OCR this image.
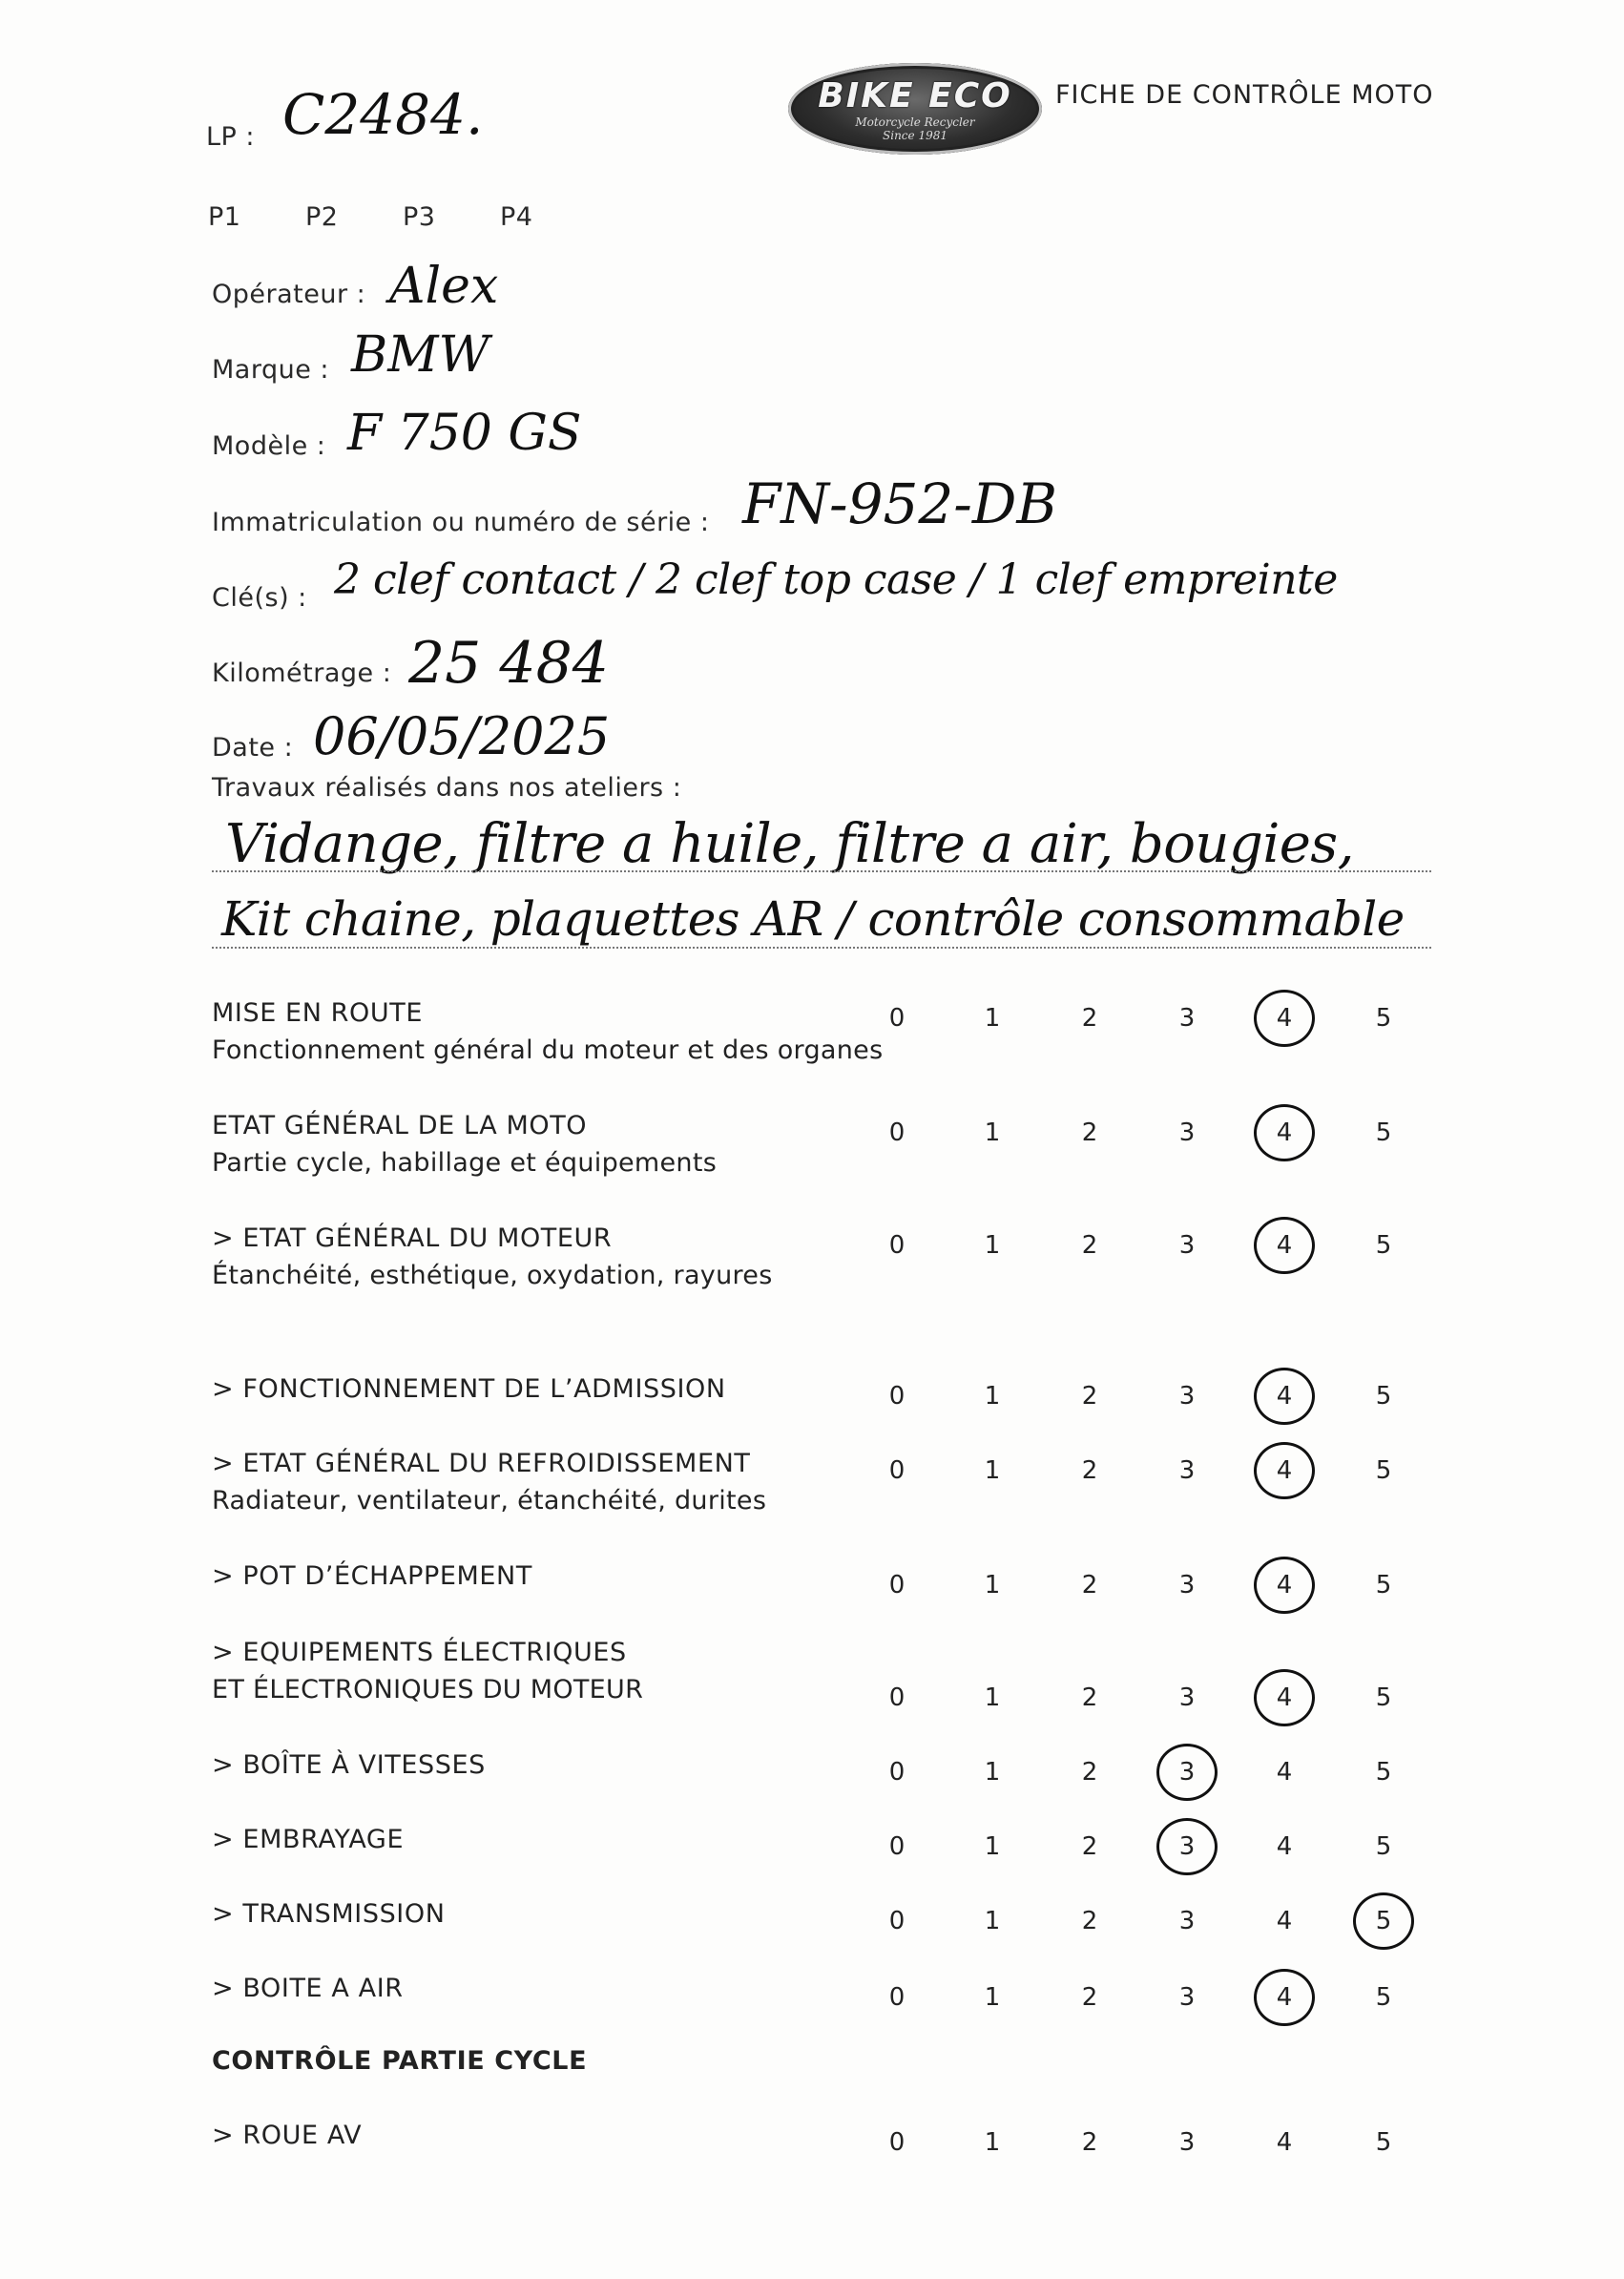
LP : C2484.	BIKE ECO
Motorcycle Recycler
Since 1981
FICHE DE CONTRÔLE MOTO
P1	P2	P3	P4
Opérateur : Alex
Marque : BMW
Modèle : F 750 GS
Immatriculation ou numéro de série : FN-952-DB
Clé(s) : 2 clef contact / 2 clef top case / 1 clef empreinte
Kilométrage : 25 484
Date : 06/05/2025
Travaux réalisés dans nos ateliers :
Vidange, filtre a huile, filtre a air, bougies,
Kit chaine, plaquettes AR / contrôle consommable
MISE EN ROUTE
Fonctionnement général du moteur et des organes
0	1	2	3	4	5
ETAT GÉNÉRAL DE LA MOTO
Partie cycle, habillage et équipements
0	1	2	3	4	5
> ETAT GÉNÉRAL DU MOTEUR
Étanchéité, esthétique, oxydation, rayures
0	1	2	3	4	5
> FONCTIONNEMENT DE L’ADMISSION	0	1	2	3	4	5
> ETAT GÉNÉRAL DU REFROIDISSEMENT
Radiateur, ventilateur, étanchéité, durites
0	1	2	3	4	5
> POT D’ÉCHAPPEMENT	0	1	2	3	4	5
> EQUIPEMENTS ÉLECTRIQUES
ET ÉLECTRONIQUES DU MOTEUR	0	1	2	3	4	5
> BOÎTE À VITESSES	0	1	2	3	4	5
> EMBRAYAGE	0	1	2	3	4	5
> TRANSMISSION	0	1	2	3	4	5
> BOITE A AIR	0	1	2	3	4	5
CONTRÔLE PARTIE CYCLE
> ROUE AV	0	1	2	3	4	5
